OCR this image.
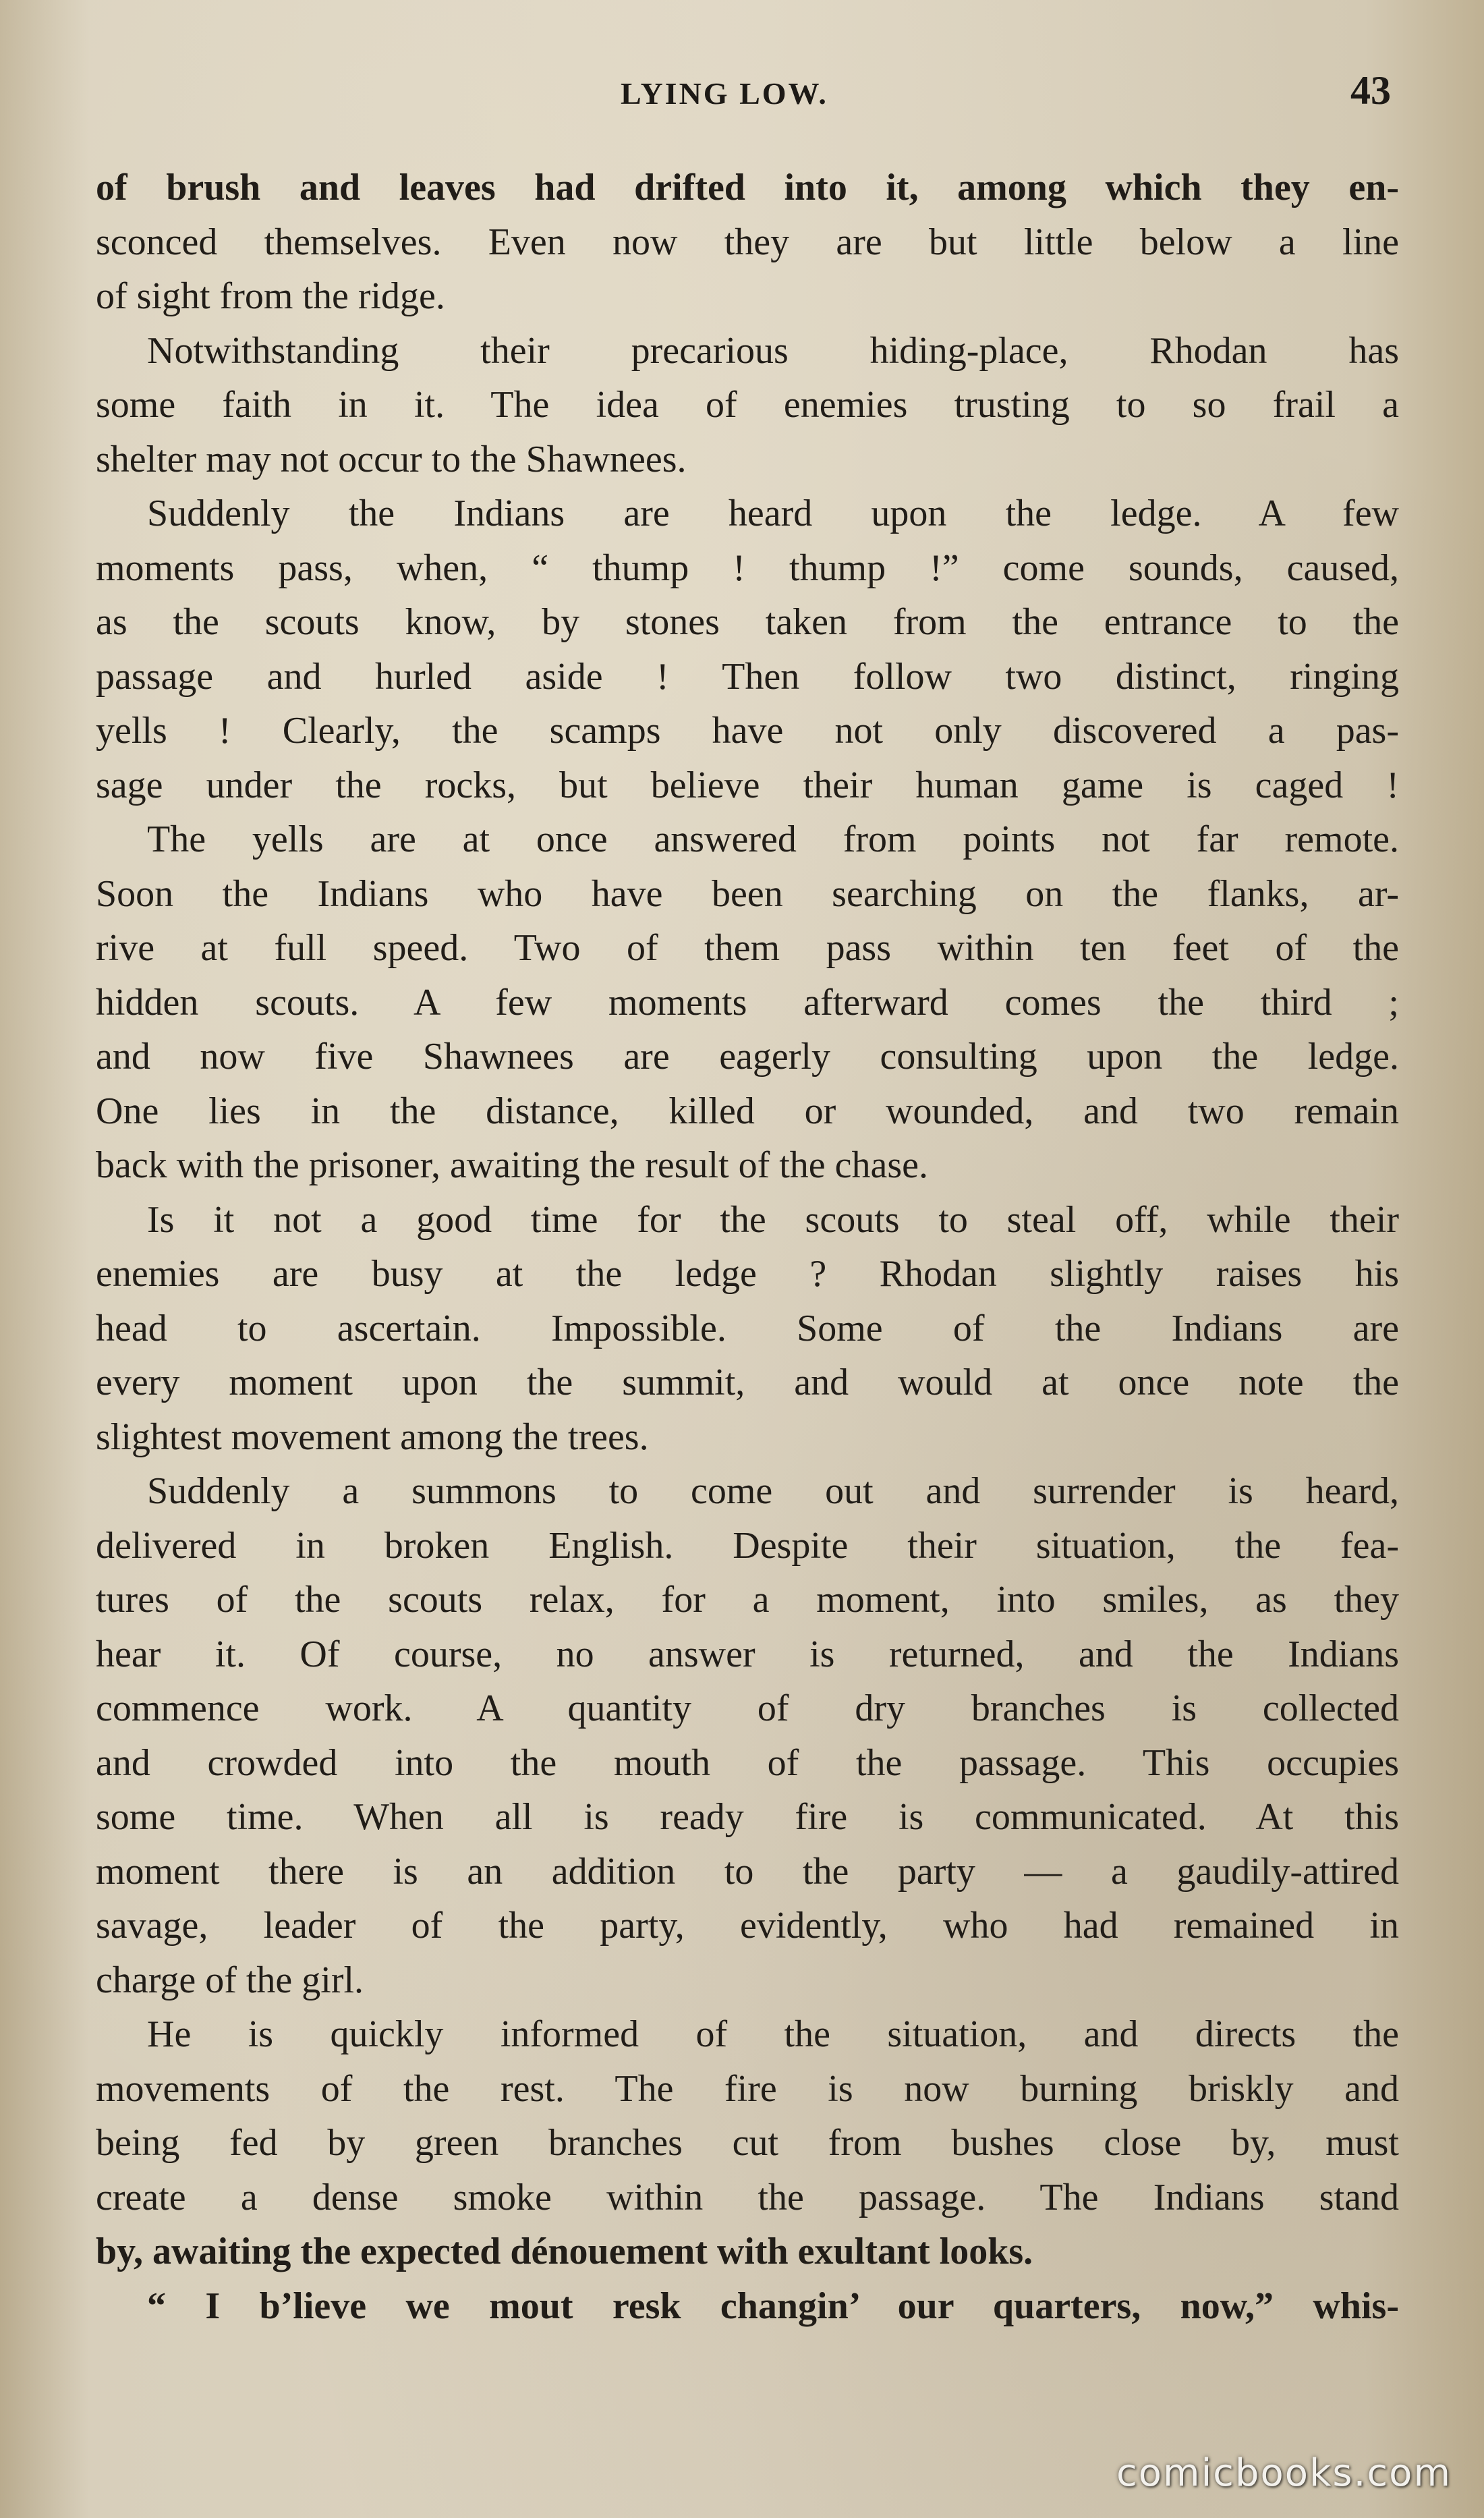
LYING LOW.	43
of brush and leaves had drifted into it, among which they en-
sconced themselves. Even now they are but little below a line
of sight from the ridge.
Notwithstanding their precarious hiding-place, Rhodan has
some faith in it. The idea of enemies trusting to so frail a
shelter may not occur to the Shawnees.
Suddenly the Indians are heard upon the ledge. A few
moments pass, when, “ thump ! thump !” come sounds, caused,
as the scouts know, by stones taken from the entrance to the
passage and hurled aside ! Then follow two distinct, ringing
yells ! Clearly, the scamps have not only discovered a pas-
sage under the rocks, but believe their human game is caged !
The yells are at once answered from points not far remote.
Soon the Indians who have been searching on the flanks, ar-
rive at full speed. Two of them pass within ten feet of the
hidden scouts. A few moments afterward comes the third ;
and now five Shawnees are eagerly consulting upon the ledge.
One lies in the distance, killed or wounded, and two remain
back with the prisoner, awaiting the result of the chase.
Is it not a good time for the scouts to steal off, while their
enemies are busy at the ledge ? Rhodan slightly raises his
head to ascertain. Impossible. Some of the Indians are
every moment upon the summit, and would at once note the
slightest movement among the trees.
Suddenly a summons to come out and surrender is heard,
delivered in broken English. Despite their situation, the fea-
tures of the scouts relax, for a moment, into smiles, as they
hear it. Of course, no answer is returned, and the Indians
commence work. A quantity of dry branches is collected
and crowded into the mouth of the passage. This occupies
some time. When all is ready fire is communicated. At this
moment there is an addition to the party — a gaudily-attired
savage, leader of the party, evidently, who had remained in
charge of the girl.
He is quickly informed of the situation, and directs the
movements of the rest. The fire is now burning briskly and
being fed by green branches cut from bushes close by, must
create a dense smoke within the passage. The Indians stand
by, awaiting the expected dénouement with exultant looks.
“ I b’lieve we mout resk changin’ our quarters, now,” whis-
comicbooks.com
